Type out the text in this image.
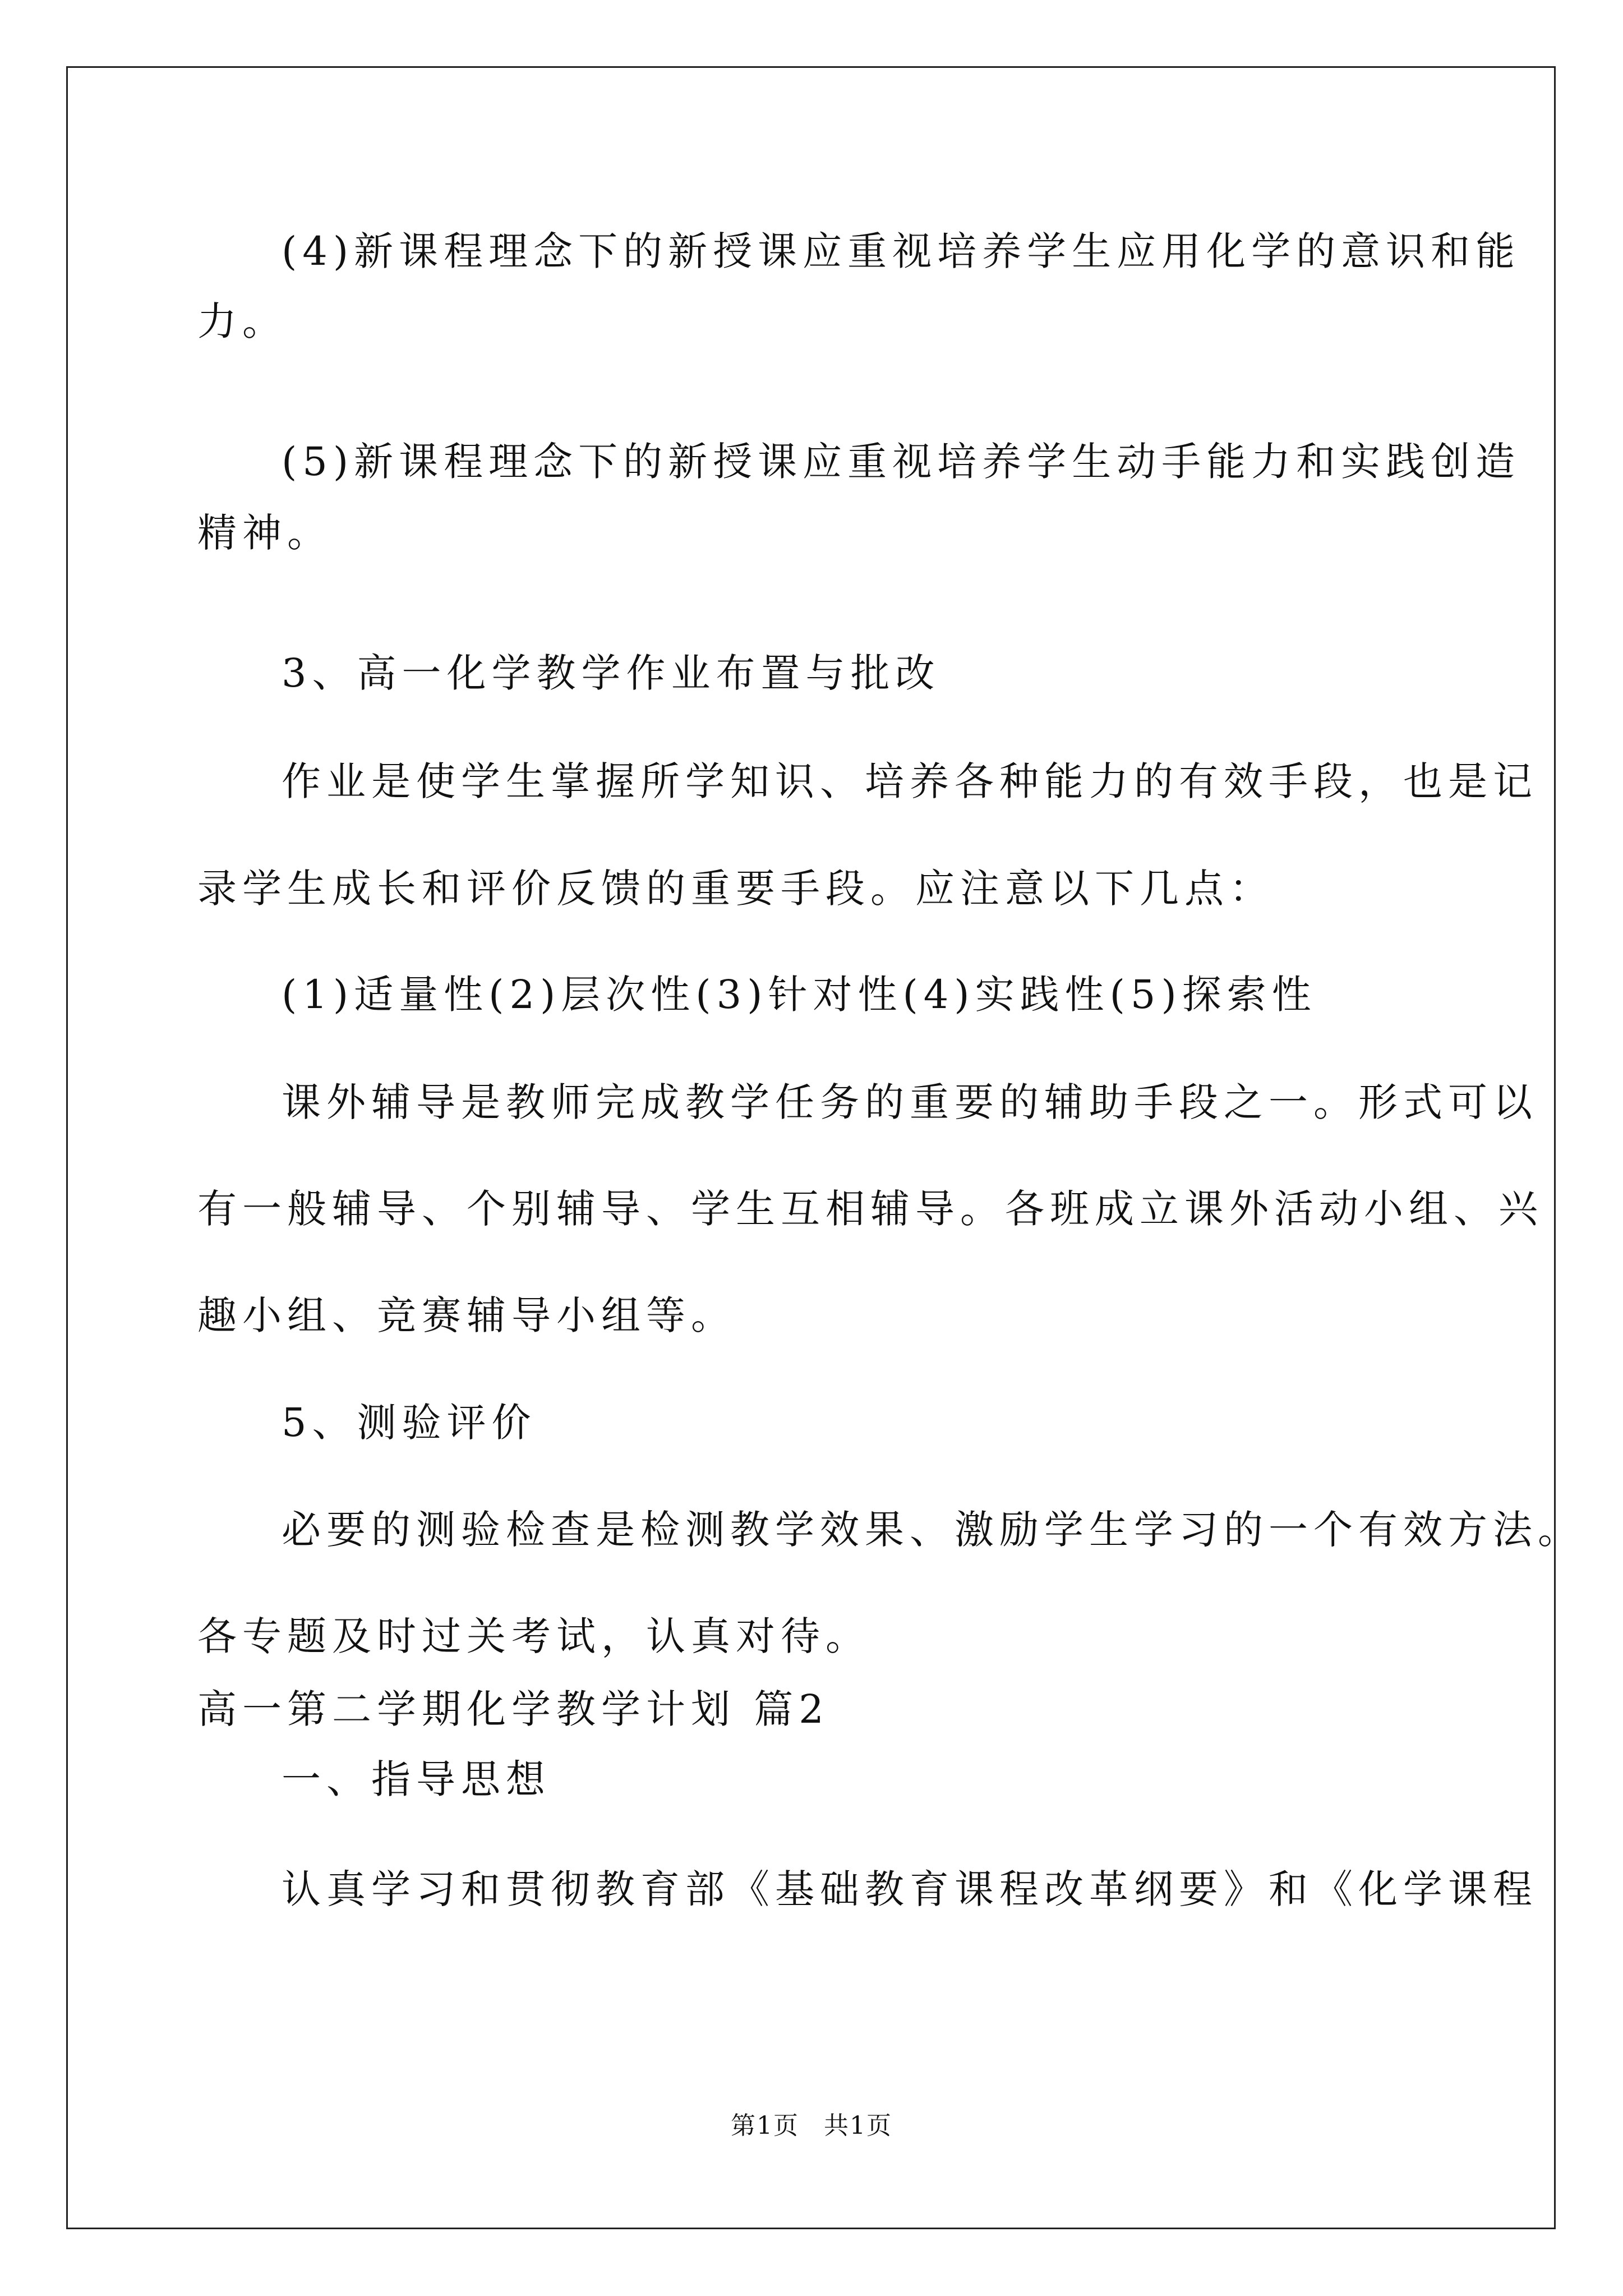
(4)新课程理念下的新授课应重视培养学生应用化学的意识和能
力。
(5)新课程理念下的新授课应重视培养学生动手能力和实践创造
精神。
3、高一化学教学作业布置与批改
作业是使学生掌握所学知识、培养各种能力的有效手段，也是记
录学生成长和评价反馈的重要手段。应注意以下几点：
(1)适量性(2)层次性(3)针对性(4)实践性(5)探索性
课外辅导是教师完成教学任务的重要的辅助手段之一。形式可以
有一般辅导、个别辅导、学生互相辅导。各班成立课外活动小组、兴
趣小组、竞赛辅导小组等。
5、测验评价
必要的测验检查是检测教学效果、激励学生学习的一个有效方法。
各专题及时过关考试，认真对待。
高一第二学期化学教学计划 篇2
一、指导思想
认真学习和贯彻教育部《基础教育课程改革纲要》和《化学课程
第1页 共1页
